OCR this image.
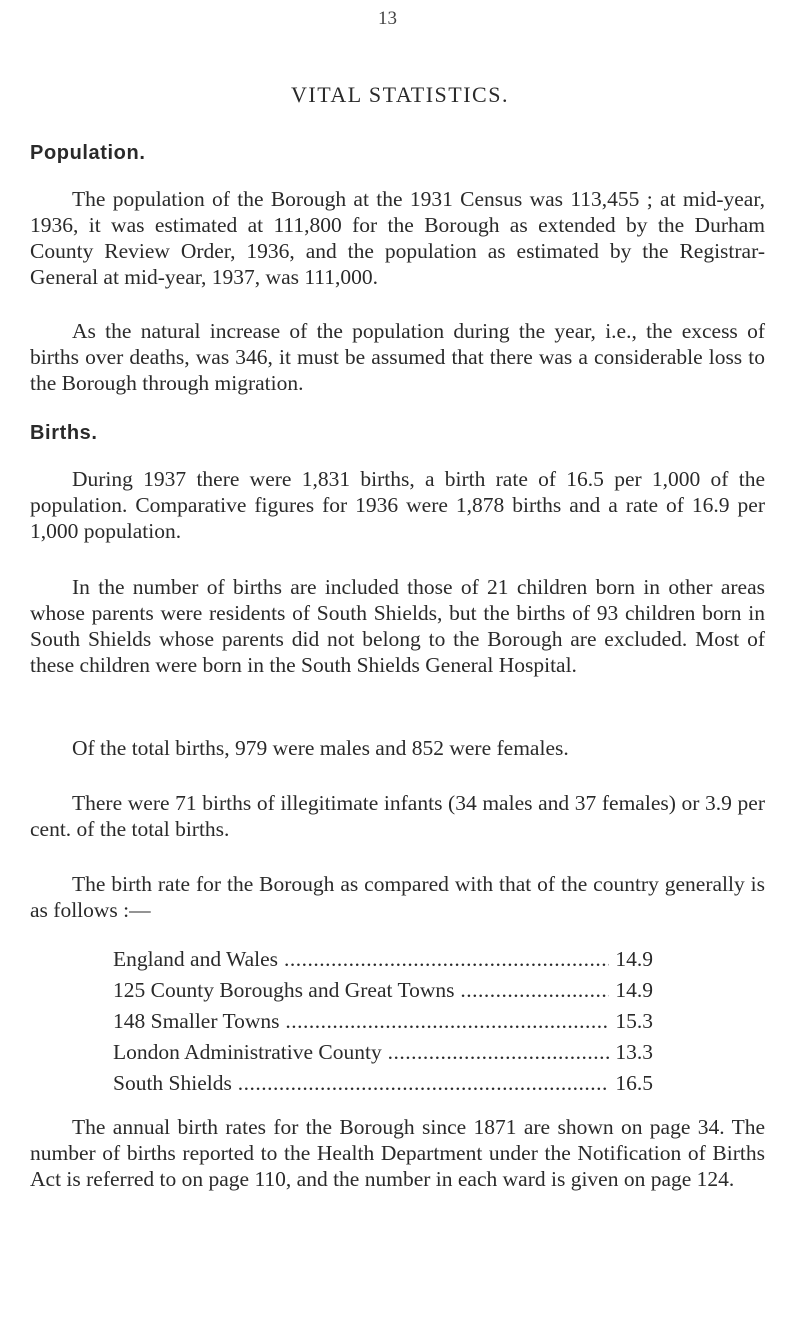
13
VITAL STATISTICS.
Population.

The population of the Borough at the 1931 Census was 113,455 ; at mid-year, 1936, it was estimated at 111,800 for the Borough as extended by the Durham County Review Order, 1936, and the population as estimated by the Registrar-General at mid-year, 1937, was 111,000.

As the natural increase of the population during the year, i.e., the excess of births over deaths, was 346, it must be assumed that there was a considerable loss to the Borough through migration.

Births.

During 1937 there were 1,831 births, a birth rate of 16.5 per 1,000 of the population. Comparative figures for 1936 were 1,878 births and a rate of 16.9 per 1,000 population.

In the number of births are included those of 21 children born in other areas whose parents were residents of South Shields, but the births of 93 children born in South Shields whose parents did not belong to the Borough are excluded. Most of these children were born in the South Shields General Hospital.

Of the total births, 979 were males and 852 were females.

There were 71 births of illegitimate infants (34 males and 37 females) or 3.9 per cent. of the total births.

The birth rate for the Borough as compared with that of the country generally is as follows :—

England and Wales .....	14.9
125 County Boroughs and Great Towns .....	14.9
148 Smaller Towns .....	15.3
London Administrative County .....	13.3
South Shields .....	16.5

The annual birth rates for the Borough since 1871 are shown on page 34. The number of births reported to the Health Department under the Notification of Births Act is referred to on page 110, and the number in each ward is given on page 124.
